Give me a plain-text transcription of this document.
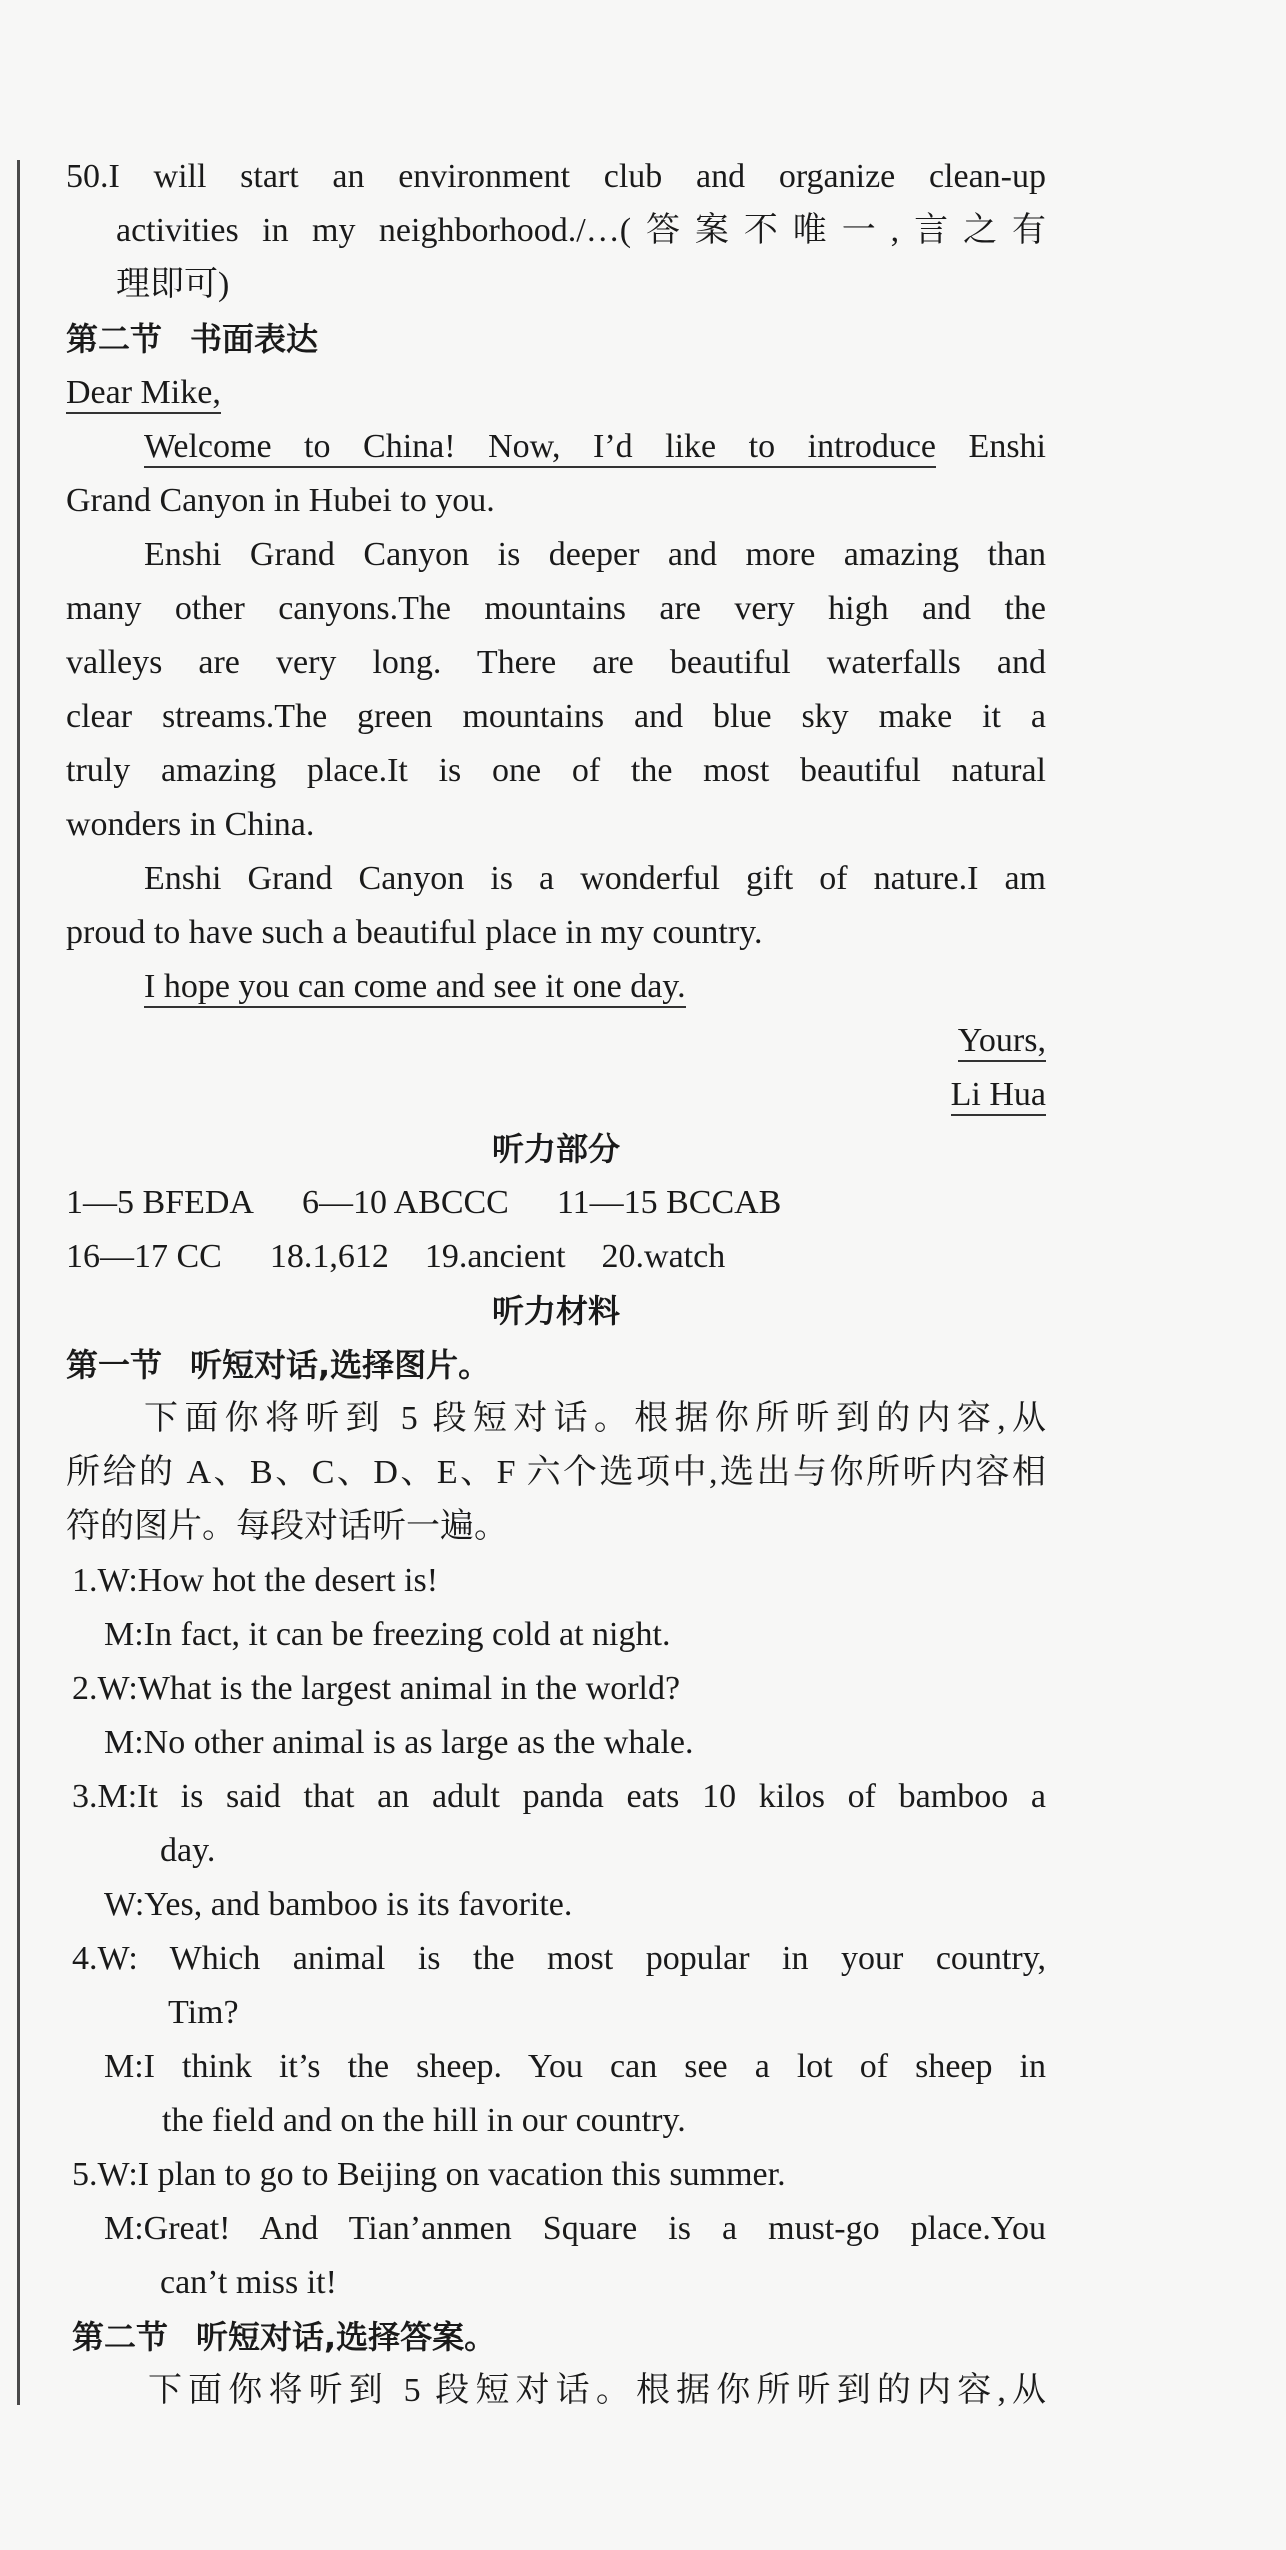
50.I will start an environment club and organize clean-up
activities in my neighborhood./…(答案不唯一,言之有
理即可)
第二节 书面表达
Dear Mike,
Welcome to China! Now, I’d like to introduce Enshi
Grand Canyon in Hubei to you.
Enshi Grand Canyon is deeper and more amazing than
many other canyons.The mountains are very high and the
valleys are very long. There are beautiful waterfalls and
clear streams.The green mountains and blue sky make it a
truly amazing place.It is one of the most beautiful natural
wonders in China.
Enshi Grand Canyon is a wonderful gift of nature.I am
proud to have such a beautiful place in my country.
I hope you can come and see it one day.
Yours,
Li Hua
听力部分
1—5 BFEDA 6—10 ABCCC 11—15 BCCAB
16—17 CC 18.1,612 19.ancient 20.watch
听力材料
第一节 听短对话,选择图片。
下面你将听到 5 段短对话。根据你所听到的内容,从
所给的 A、B、C、D、E、F 六个选项中,选出与你所听内容相
符的图片。每段对话听一遍。
1.W:How hot the desert is!
M:In fact, it can be freezing cold at night.
2.W:What is the largest animal in the world?
M:No other animal is as large as the whale.
3.M:It is said that an adult panda eats 10 kilos of bamboo a
day.
W:Yes, and bamboo is its favorite.
4.W: Which animal is the most popular in your country,
Tim?
M:I think it’s the sheep. You can see a lot of sheep in
the field and on the hill in our country.
5.W:I plan to go to Beijing on vacation this summer.
M:Great! And Tian’anmen Square is a must-go place.You
can’t miss it!
第二节 听短对话,选择答案。
下面你将听到 5 段短对话。根据你所听到的内容,从
